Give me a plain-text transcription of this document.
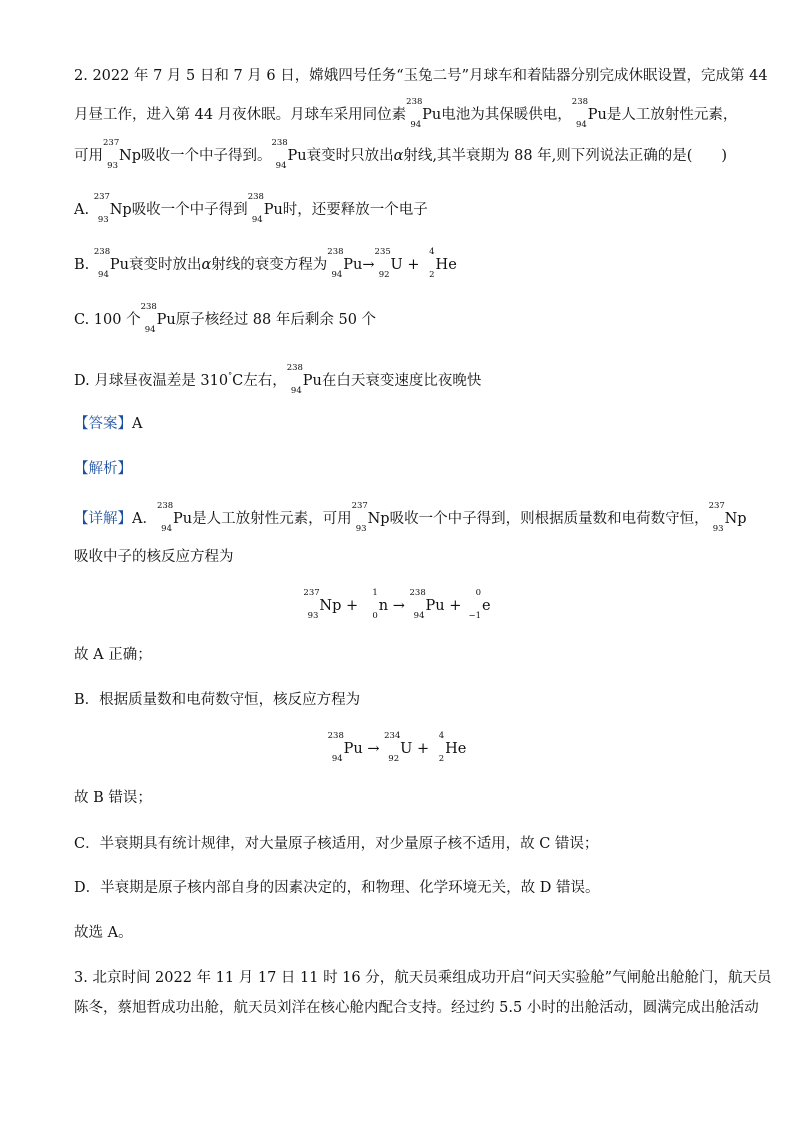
2. 2022 年 7 月 5 日和 7 月 6 日，嫦娥四号任务“玉兔二号”月球车和着陆器分别完成休眠设置，完成第 44
月昼工作，进入第 44 月夜休眠。月球车采用同位素
238
94
Pu电池为其保暖供电，
238
94
Pu是人工放射性元素，
可用
237
93
Np吸收一个中子得到。
238
94
Pu衰变时只放出α射线,其半衰期为 88 年,则下列说法正确的是(　　)
A.
237
93
Np吸收一个中子得到
238
94
Pu时，还要释放一个电子
B.
238
94
Pu衰变时放出α射线的衰变方程为
238
94
Pu→
235
92
U +
4
2
He
C. 100 个
238
94
Pu原子核经过 88 年后剩余 50 个
D. 月球昼夜温差是 310°C左右，
238
94
Pu在白天衰变速度比夜晚快
【答案】A
【解析】
【详解】A．
238
94
Pu是人工放射性元素，可用
237
93
Np吸收一个中子得到，则根据质量数和电荷数守恒，
237
93
Np
吸收中子的核反应方程为
237
93
Np +
1
0
n →
238
94
Pu +
0
−1
e
故 A 正确；
B．根据质量数和电荷数守恒，核反应方程为
238
94
Pu →
234
92
U +
4
2
He
故 B 错误；
C．半衰期具有统计规律，对大量原子核适用，对少量原子核不适用，故 C 错误；
D．半衰期是原子核内部自身的因素决定的，和物理、化学环境无关，故 D 错误。
故选 A。
3. 北京时间 2022 年 11 月 17 日 11 时 16 分，航天员乘组成功开启“问天实验舱”气闸舱出舱舱门，航天员
陈冬，蔡旭哲成功出舱，航天员刘洋在核心舱内配合支持。经过约 5.5 小时的出舱活动，圆满完成出舱活动
